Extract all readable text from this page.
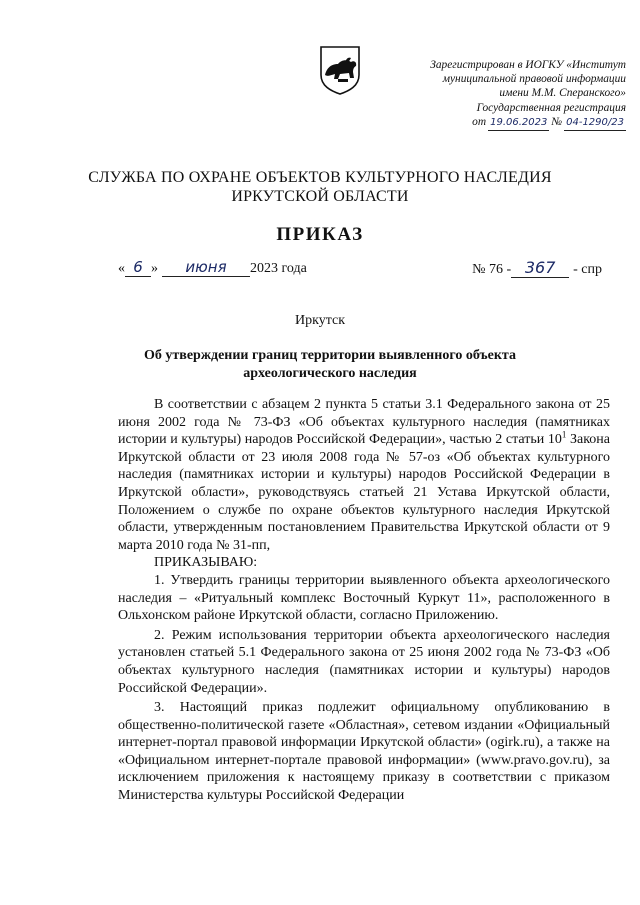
Зарегистрирован в ИОГКУ «Институт
муниципальной правовой информации
имени М.М. Сперанского»
Государственная регистрация
от 19.06.2023 № 04-1290/23
СЛУЖБА ПО ОХРАНЕ ОБЪЕКТОВ КУЛЬТУРНОГО НАСЛЕДИЯ
ИРКУТСКОЙ ОБЛАСТИ
ПРИКАЗ
« 6 »	июня	2023 года	№ 76 - 367	- спр
Иркутск
Об утверждении границ территории выявленного объекта
археологического наследия

В соответствии с абзацем 2 пункта 5 статьи 3.1 Федерального закона от 25 июня 2002 года № 73-ФЗ «Об объектах культурного наследия (памятниках истории и культуры) народов Российской Федерации», частью 2 статьи $10^1$ Закона Иркутской области от 23 июля 2008 года № 57-оз «Об объектах культурного наследия (памятниках истории и культуры) народов Российской Федерации в Иркутской области», руководствуясь статьей 21 Устава Иркутской области, Положением о службе по охране объектов культурного наследия Иркутской области, утвержденным постановлением Правительства Иркутской области от 9 марта 2010 года № 31-пп,

ПРИКАЗЫВАЮ:

1. Утвердить границы территории выявленного объекта археологического наследия – «Ритуальный комплекс Восточный Куркут 11», расположенного в Ольхонском районе Иркутской области, согласно Приложению.

2. Режим использования территории объекта археологического наследия установлен статьей 5.1 Федерального закона от 25 июня 2002 года № 73-ФЗ «Об объектах культурного наследия (памятниках истории и культуры) народов Российской Федерации».

3. Настоящий приказ подлежит официальному опубликованию в общественно-политической газете «Областная», сетевом издании «Официальный интернет-портал правовой информации Иркутской области» (ogirk.ru), а также на «Официальном интернет-портале правовой информации» (www.pravo.gov.ru), за исключением приложения к настоящему приказу в соответствии с приказом Министерства культуры Российской Федерации
